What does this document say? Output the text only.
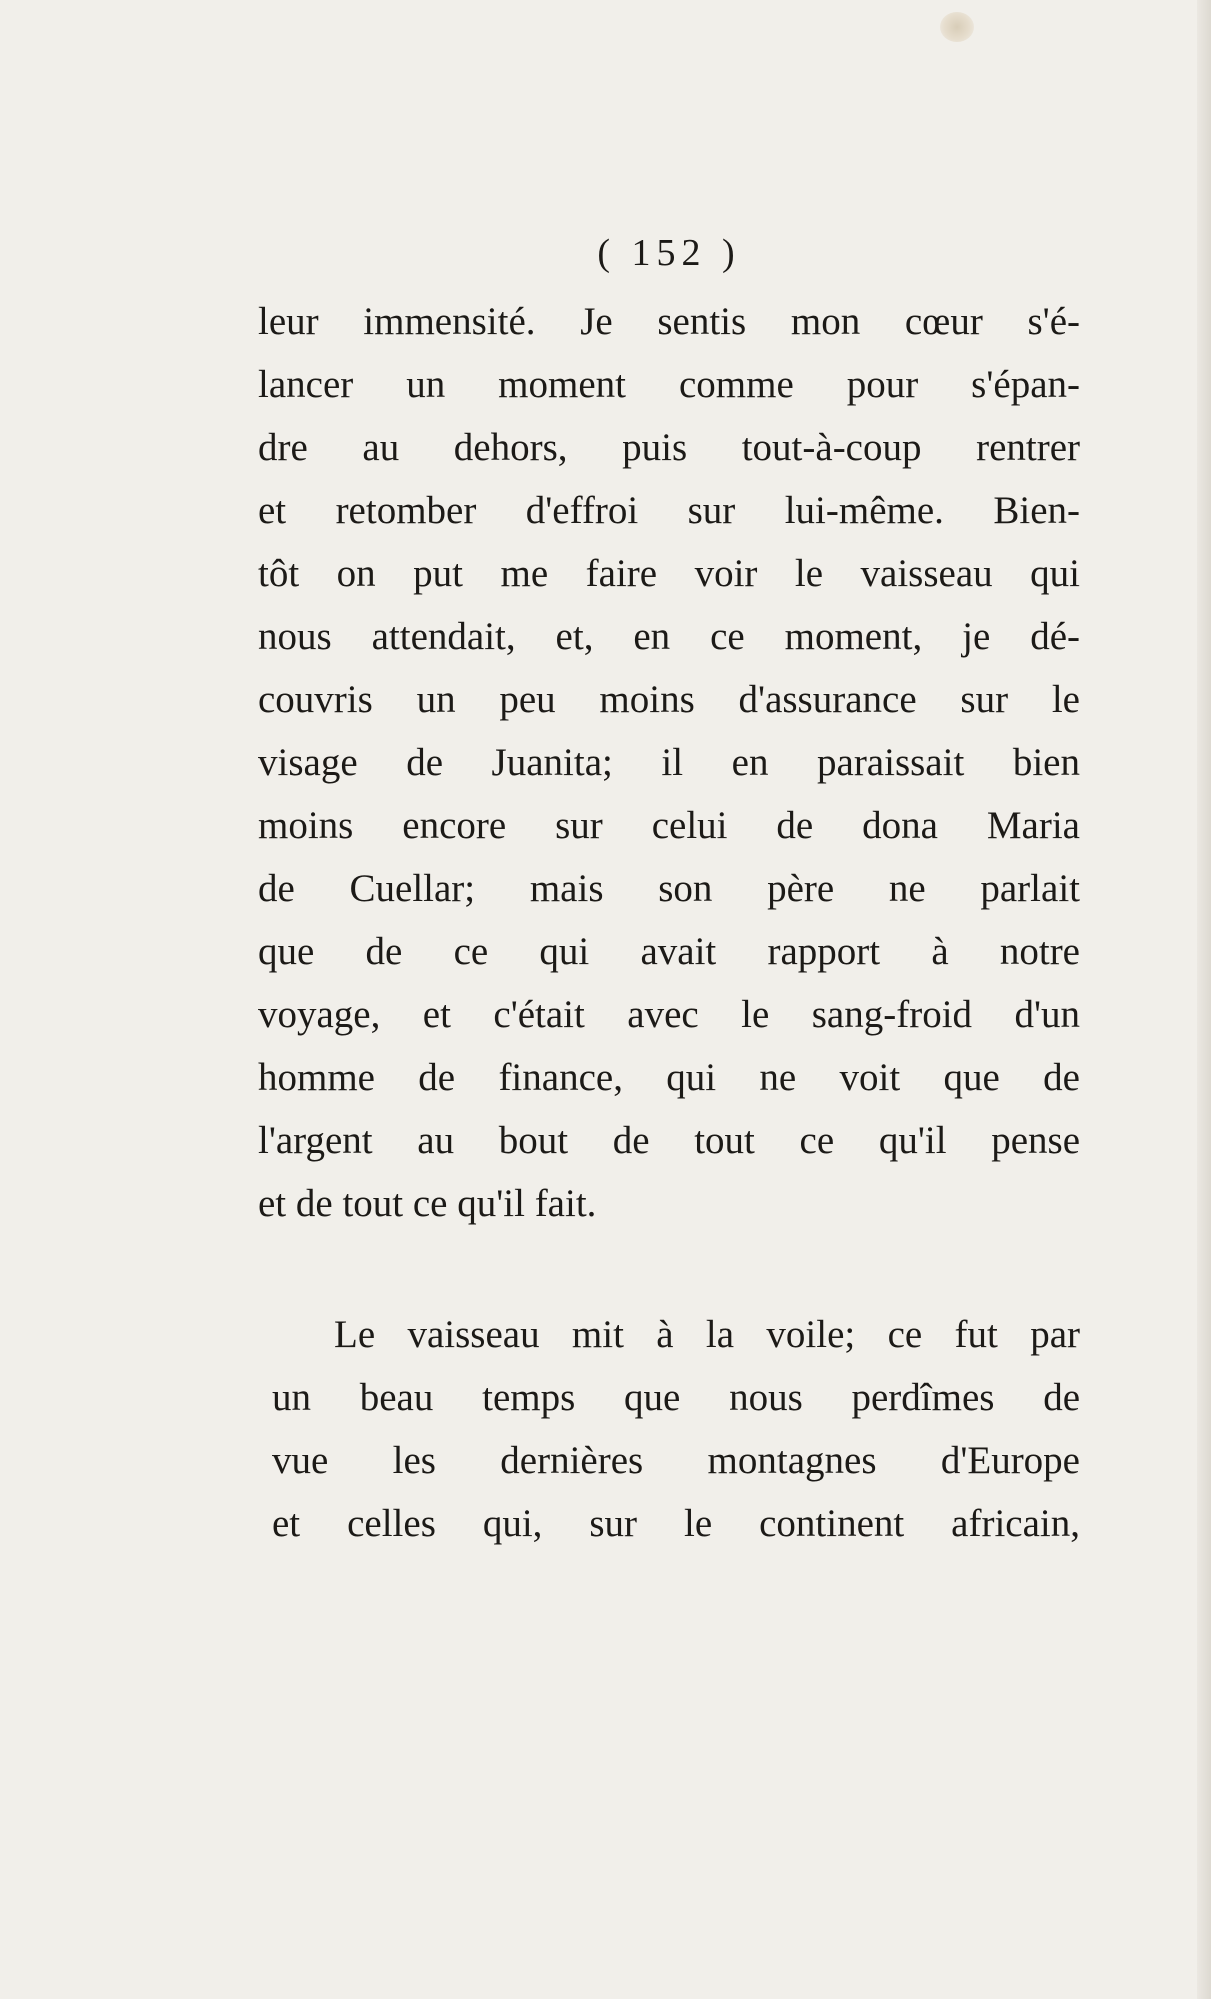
( 152 )
leur immensité. Je sentis mon cœur s'é-
lancer un moment comme pour s'épan-
dre au dehors, puis tout-à-coup rentrer
et retomber d'effroi sur lui-même. Bien-
tôt on put me faire voir le vaisseau qui
nous attendait, et, en ce moment, je dé-
couvris un peu moins d'assurance sur le
visage de Juanita; il en paraissait bien
moins encore sur celui de dona Maria
de Cuellar; mais son père ne parlait
que de ce qui avait rapport à notre
voyage, et c'était avec le sang-froid d'un
homme de finance, qui ne voit que de
l'argent au bout de tout ce qu'il pense
et de tout ce qu'il fait.
Le vaisseau mit à la voile; ce fut par
un beau temps que nous perdîmes de
vue les dernières montagnes d'Europe
et celles qui, sur le continent africain,
